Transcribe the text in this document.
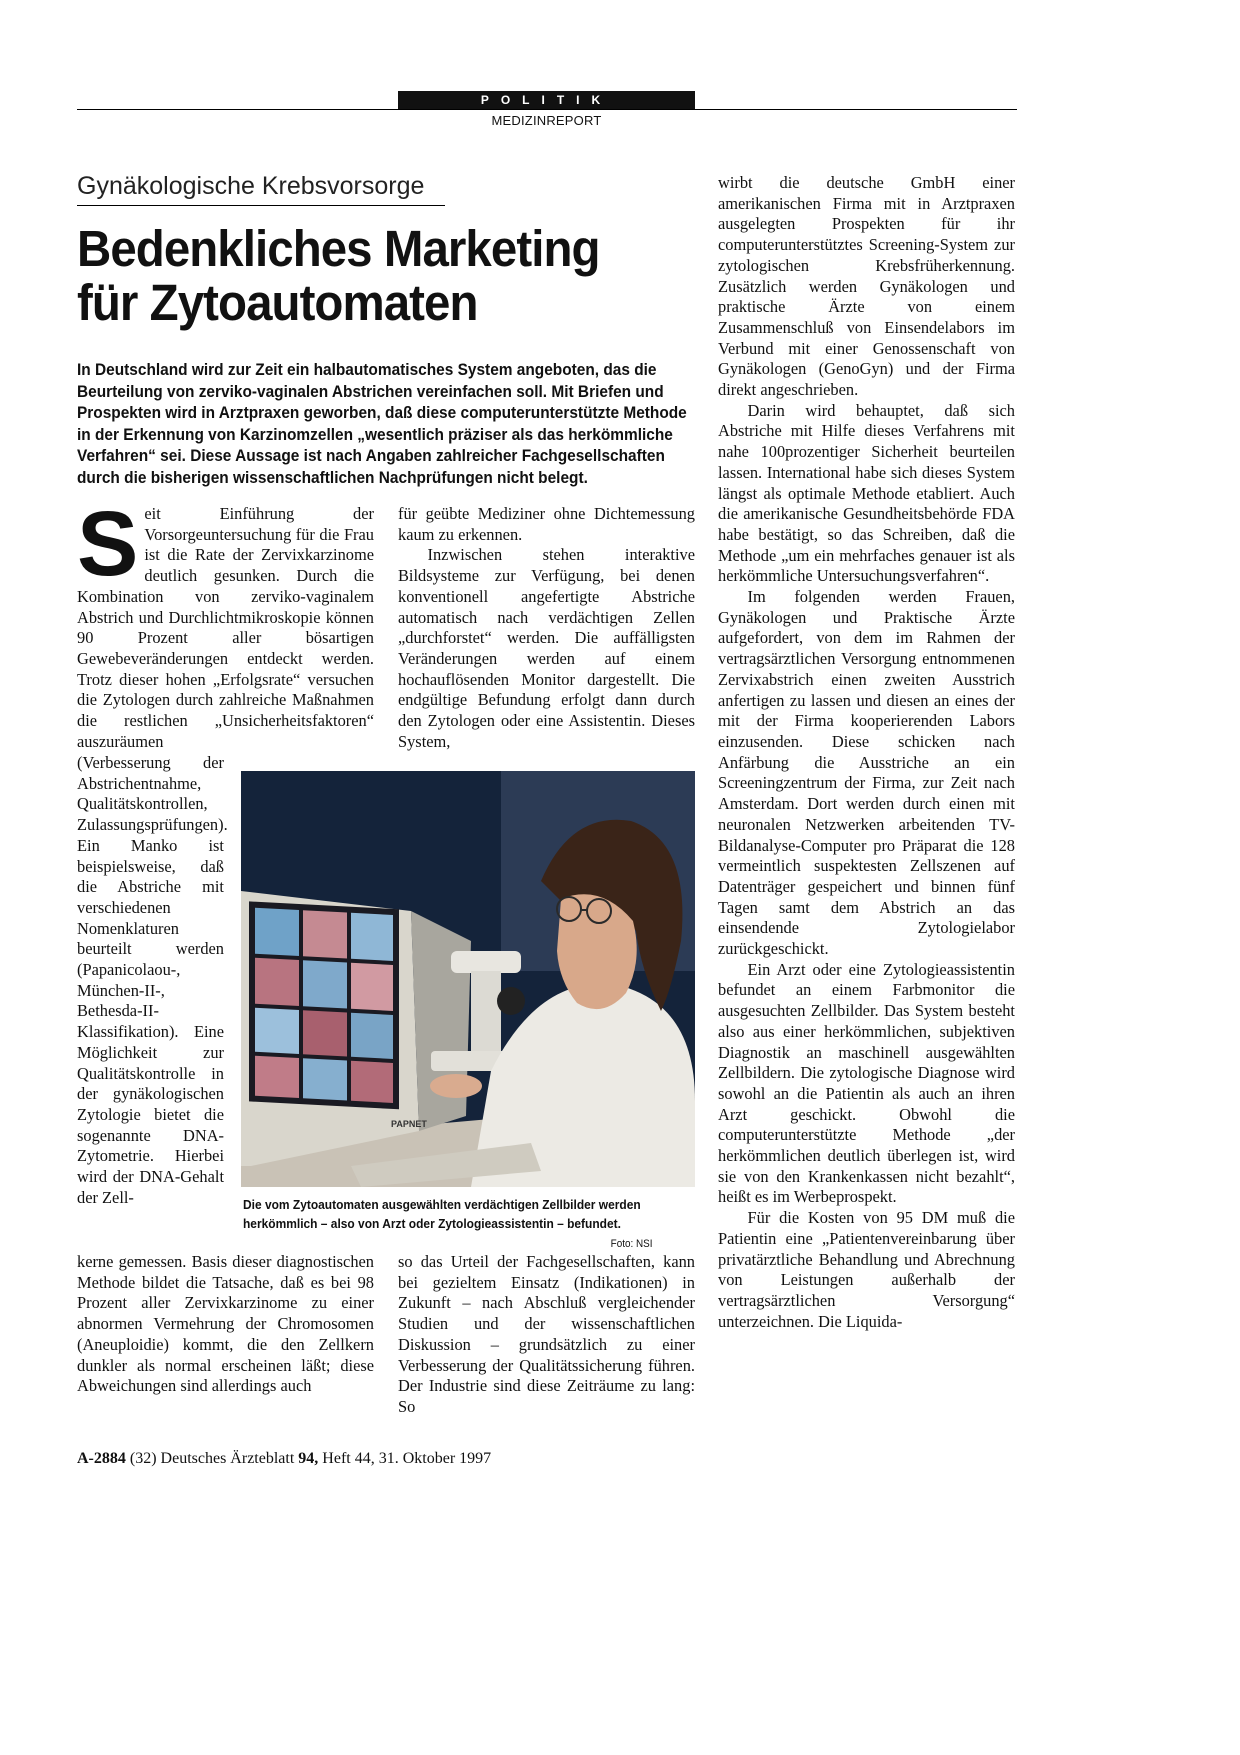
POLITIK
MEDIZINREPORT
Gynäkologische Krebsvorsorge
Bedenkliches Marketing für Zytoautomaten

In Deutschland wird zur Zeit ein halbautomatisches System angeboten, das die Beurteilung von zerviko-vaginalen Abstrichen vereinfachen soll. Mit Briefen und Prospekten wird in Arztpraxen geworben, daß diese computerunterstützte Methode in der Erkennung von Karzinomzellen „wesentlich präziser als das herkömmliche Verfahren“ sei. Diese Aussage ist nach Angaben zahlreicher Fachgesellschaften durch die bisherigen wissenschaftlichen Nachprüfungen nicht belegt.

S eit Einführung der Vorsorgeuntersuchung für die Frau ist die Rate der Zervixkarzinome deutlich gesunken. Durch die Kombination von zerviko-vaginalem Abstrich und Durchlichtmikroskopie können 90 Prozent aller bösartigen Gewebeveränderungen entdeckt werden. Trotz dieser hohen „Erfolgsrate“ versuchen die Zytologen durch zahlreiche Maßnahmen die restlichen „Unsicherheitsfaktoren“ auszuräumen
(Verbesserung der Abstrichentnahme, Qualitätskontrollen, Zulassungsprüfungen). Ein Manko ist beispielsweise, daß die Abstriche mit verschiedenen Nomenklaturen beurteilt werden (Papanicolaou-, München-II-, Bethesda-II-Klassifikation). Eine Möglichkeit zur Qualitätskontrolle in der gynäkologischen Zytologie bietet die sogenannte DNA-Zytometrie. Hierbei wird der DNA-Gehalt der Zell-
kerne gemessen. Basis dieser diagnostischen Methode bildet die Tatsache, daß es bei 98 Prozent aller Zervixkarzinome zu einer abnormen Vermehrung der Chromosomen (Aneuploidie) kommt, die den Zellkern dunkler als normal erscheinen läßt; diese Abweichungen sind allerdings auch

für geübte Mediziner ohne Dichtemessung kaum zu erkennen.

Inzwischen stehen interaktive Bildsysteme zur Verfügung, bei denen konventionell angefertigte Abstriche automatisch nach verdächtigen Zellen „durchforstet“ werden. Die auffälligsten Veränderungen werden auf einem hochauflösenden Monitor dargestellt. Die endgültige Befundung erfolgt dann durch den Zytologen oder eine Assistentin. Dieses System,

PAPNET

Die vom Zytoautomaten ausgewählten verdächtigen Zellbilder werden herkömmlich – also von Arzt oder Zytologieassistentin – befundet.
Foto: NSI

so das Urteil der Fachgesellschaften, kann bei gezieltem Einsatz (Indikationen) in Zukunft – nach Abschluß vergleichender Studien und der wissenschaftlichen Diskussion – grundsätzlich zu einer Verbesserung der Qualitätssicherung führen. Der Industrie sind diese Zeiträume zu lang: So

wirbt die deutsche GmbH einer amerikanischen Firma mit in Arztpraxen ausgelegten Prospekten für ihr computerunterstütztes Screening-System zur zytologischen Krebsfrüherkennung. Zusätzlich werden Gynäkologen und praktische Ärzte von einem Zusammenschluß von Einsendelabors im Verbund mit einer Genossenschaft von Gynäkologen (GenoGyn) und der Firma direkt angeschrieben.

Darin wird behauptet, daß sich Abstriche mit Hilfe dieses Verfahrens mit nahe 100prozentiger Sicherheit beurteilen lassen. International habe sich dieses System längst als optimale Methode etabliert. Auch die amerikanische Gesundheitsbehörde FDA habe bestätigt, so das Schreiben, daß die Methode „um ein mehrfaches genauer ist als herkömmliche Untersuchungsverfahren“.

Im folgenden werden Frauen, Gynäkologen und Praktische Ärzte aufgefordert, von dem im Rahmen der vertragsärztlichen Versorgung entnommenen Zervixabstrich einen zweiten Ausstrich anfertigen zu lassen und diesen an eines der mit der Firma kooperierenden Labors einzusenden. Diese schicken nach Anfärbung die Ausstriche an ein Screeningzentrum der Firma, zur Zeit nach Amsterdam. Dort werden durch einen mit neuronalen Netzwerken arbeitenden TV-Bildanalyse-Computer pro Präparat die 128 vermeintlich suspektesten Zellszenen auf Datenträger gespeichert und binnen fünf Tagen samt dem Abstrich an das einsendende Zytologielabor zurückgeschickt.

Ein Arzt oder eine Zytologieassistentin befundet an einem Farbmonitor die ausgesuchten Zellbilder. Das System besteht also aus einer herkömmlichen, subjektiven Diagnostik an maschinell ausgewählten Zellbildern. Die zytologische Diagnose wird sowohl an die Patientin als auch an ihren Arzt geschickt. Obwohl die computerunterstützte Methode „der herkömmlichen deutlich überlegen ist, wird sie von den Krankenkassen nicht bezahlt“, heißt es im Werbeprospekt.

Für die Kosten von 95 DM muß die Patientin eine „Patientenvereinbarung über privatärztliche Behandlung und Abrechnung von Leistungen außerhalb der vertragsärztlichen Versorgung“ unterzeichnen. Die Liquida-

A-2884 (32) Deutsches Ärzteblatt 94, Heft 44, 31. Oktober 1997
